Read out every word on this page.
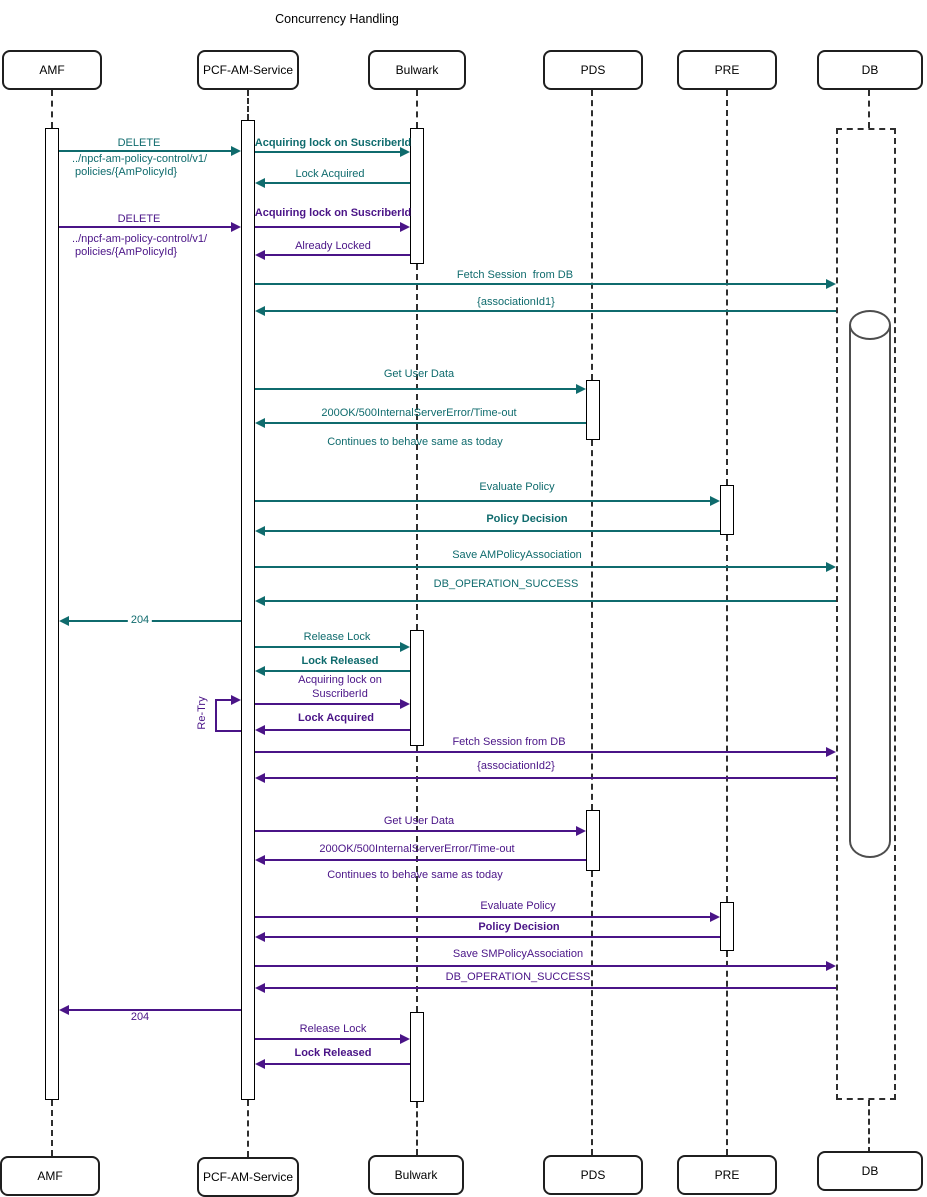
Concurrency Handling
AMF	PCF-AM-Service	Bulwark	PDS	PRE	DB
DELETE
../npcf-am-policy-control/v1/
policies/{AmPolicyId}
Acquiring lock on SuscriberId
Lock Acquired
DELETE
../npcf-am-policy-control/v1/
policies/{AmPolicyId}
Acquiring lock on SuscriberId
Already Locked
Fetch Session  from DB
{associationId1}
Get User Data
200OK/500InternalServerError/Time-out
Continues to behave same as today
Evaluate Policy
Policy Decision
Save AMPolicyAssociation
DB_OPERATION_SUCCESS
204
Release Lock
Lock Released
Acquiring lock on
SuscriberId
Lock Acquired
Re-Try
Fetch Session from DB
{associationId2}
Get User Data
200OK/500InternalServerError/Time-out
Continues to behave same as today
Evaluate Policy
Policy Decision
Save SMPolicyAssociation
DB_OPERATION_SUCCESS
204
Release Lock
Lock Released
AMF	PCF-AM-Service	Bulwark	PDS	PRE	DB
